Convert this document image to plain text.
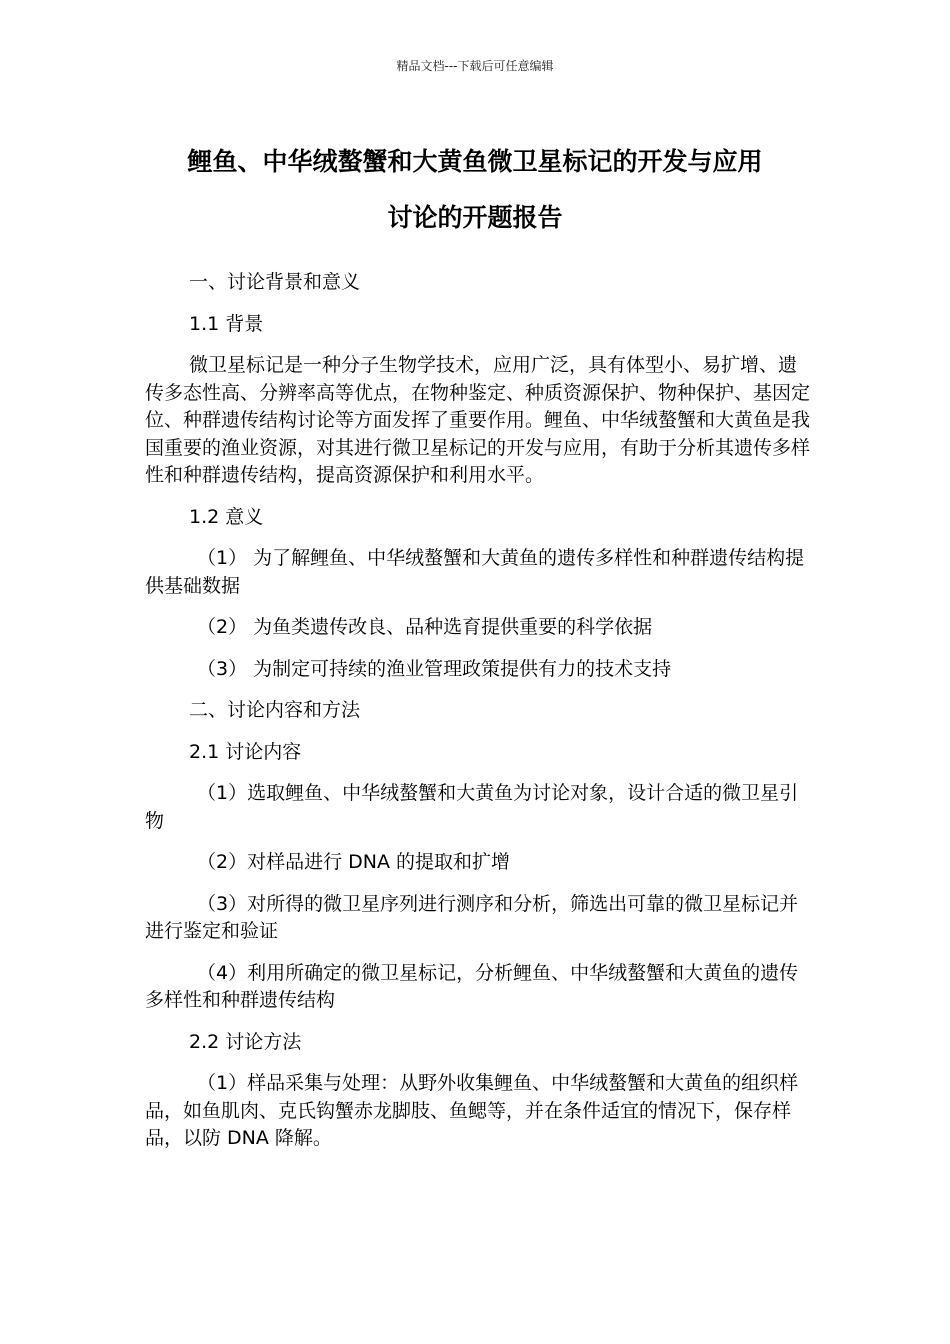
精品文档---下载后可任意编辑
鲤鱼、中华绒螯蟹和大黄鱼微卫星标记的开发与应用
讨论的开题报告

一、讨论背景和意义

1.1 背景

微卫星标记是一种分子生物学技术，应用广泛，具有体型小、易扩增、遗传多态性高、分辨率高等优点，在物种鉴定、种质资源保护、物种保护、基因定位、种群遗传结构讨论等方面发挥了重要作用。鲤鱼、中华绒螯蟹和大黄鱼是我国重要的渔业资源，对其进行微卫星标记的开发与应用，有助于分析其遗传多样性和种群遗传结构，提高资源保护和利用水平。

1.2 意义

（1） 为了解鲤鱼、中华绒螯蟹和大黄鱼的遗传多样性和种群遗传结构提供基础数据

（2） 为鱼类遗传改良、品种选育提供重要的科学依据

（3） 为制定可持续的渔业管理政策提供有力的技术支持

二、讨论内容和方法

2.1 讨论内容

（1）选取鲤鱼、中华绒螯蟹和大黄鱼为讨论对象，设计合适的微卫星引物

（2）对样品进行 DNA 的提取和扩增

（3）对所得的微卫星序列进行测序和分析，筛选出可靠的微卫星标记并进行鉴定和验证

（4）利用所确定的微卫星标记，分析鲤鱼、中华绒螯蟹和大黄鱼的遗传多样性和种群遗传结构

2.2 讨论方法

（1）样品采集与处理：从野外收集鲤鱼、中华绒螯蟹和大黄鱼的组织样品，如鱼肌肉、克氏钩蟹赤龙脚肢、鱼鳃等，并在条件适宜的情况下，保存样品，以防 DNA 降解。
